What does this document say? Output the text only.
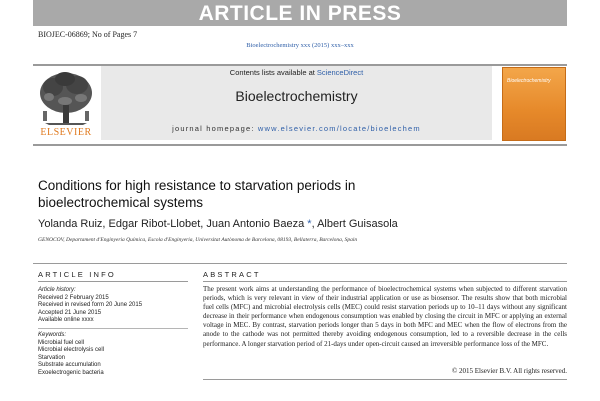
ARTICLE IN PRESS
BIOJEC-06869; No of Pages 7
Bioelectrochemistry xxx (2015) xxx–xxx
ELSEVIER
Contents lists available at ScienceDirect
Bioelectrochemistry
journal homepage: www.elsevier.com/locate/bioelechem
Bioelectrochemistry
Conditions for high resistance to starvation periods in bioelectrochemical systems
Yolanda Ruiz, Edgar Ribot-Llobet, Juan Antonio Baeza *, Albert Guisasola
GENOCOV, Departament d'Enginyeria Química, Escola d'Enginyeria, Universitat Autònoma de Barcelona, 08193, Bellaterra, Barcelona, Spain
ARTICLE INFO	ABSTRACT
Article history:
Received 2 February 2015
Received in revised form 20 June 2015
Accepted 21 June 2015
Available online xxxx
Keywords:
Microbial fuel cell
Microbial electrolysis cell
Starvation
Substrate accumulation
Exoelectrogenic bacteria
The present work aims at understanding the performance of bioelectrochemical systems when subjected to different starvation periods, which is very relevant in view of their industrial application or use as biosensor. The results show that both microbial fuel cells (MFC) and microbial electrolysis cells (MEC) could resist starvation periods up to 10–11 days without any significant decrease in their performance when endogenous consumption was enabled by closing the circuit in MFC or applying an external voltage in MEC. By contrast, starvation periods longer than 5 days in both MFC and MEC when the flow of electrons from the anode to the cathode was not permitted thereby avoiding endogenous consumption, led to a reversible decrease in the cells performance. A longer starvation period of 21-days under open-circuit caused an irreversible performance loss of the MFC.
© 2015 Elsevier B.V. All rights reserved.
